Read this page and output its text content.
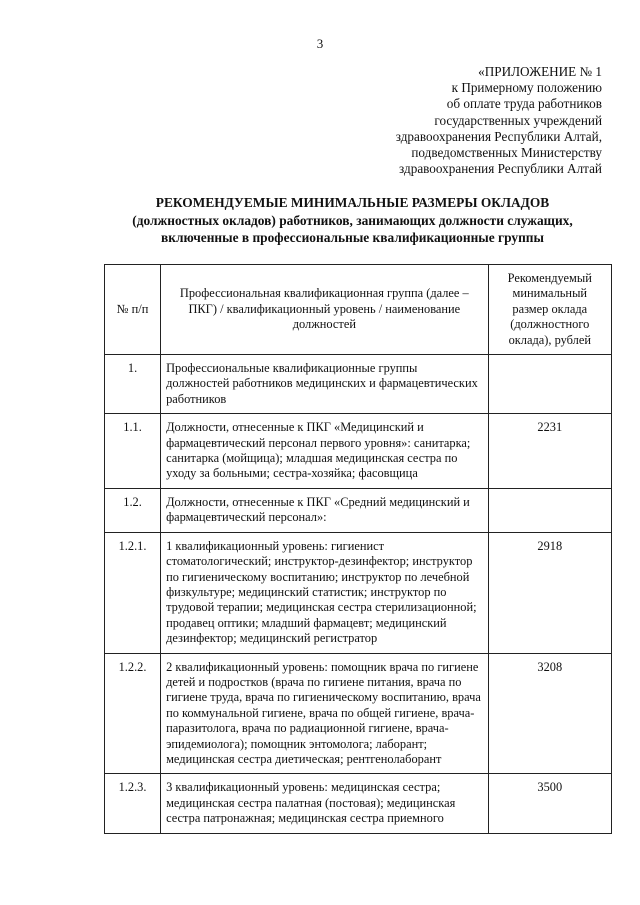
3
«ПРИЛОЖЕНИЕ № 1
к Примерному положению
об оплате труда работников
государственных учреждений
здравоохранения Республики Алтай,
подведомственных Министерству
здравоохранения Республики Алтай
РЕКОМЕНДУЕМЫЕ МИНИМАЛЬНЫЕ РАЗМЕРЫ ОКЛАДОВ
(должностных окладов) работников, занимающих должности служащих,
включенные в профессиональные квалификационные группы
№ п/п	Профессиональная квалификационная группа (далее – ПКГ) / квалификационный уровень / наименование должностей	Рекомендуемый минимальный размер оклада (должностного оклада), рублей
1.	Профессиональные квалификационные группы должностей работников медицинских и фармацевтических работников	
1.1.	Должности, отнесенные к ПКГ «Медицинский и фармацевтический персонал первого уровня»: санитарка; санитарка (мойщица); младшая медицинская сестра по уходу за больными; сестра-хозяйка; фасовщица	2231
1.2.	Должности, отнесенные к ПКГ «Средний медицинский и фармацевтический персонал»:	
1.2.1.	1 квалификационный уровень: гигиенист стоматологический; инструктор-дезинфектор; инструктор по гигиеническому воспитанию; инструктор по лечебной физкультуре; медицинский статистик; инструктор по трудовой терапии; медицинская сестра стерилизационной; продавец оптики; младший фармацевт; медицинский дезинфектор; медицинский регистратор	2918
1.2.2.	2 квалификационный уровень: помощник врача по гигиене детей и подростков (врача по гигиене питания, врача по гигиене труда, врача по гигиеническому воспитанию, врача по коммунальной гигиене, врача по общей гигиене, врача-паразитолога, врача по радиационной гигиене, врача-эпидемиолога); помощник энтомолога; лаборант; медицинская сестра диетическая; рентгенолаборант	3208
1.2.3.	3 квалификационный уровень: медицинская сестра; медицинская сестра палатная (постовая); медицинская сестра патронажная; медицинская сестра приемного	3500
